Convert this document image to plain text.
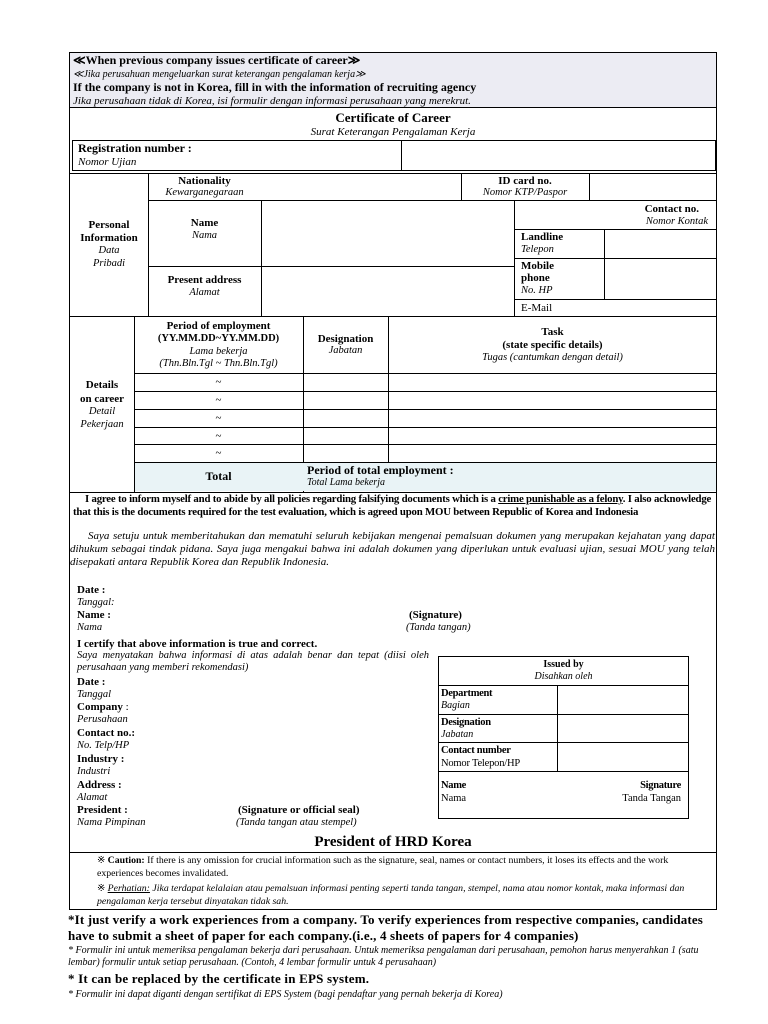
≪When previous company issues certificate of career≫
≪Jika perusahuan mengeluarkan surat keterangan pengalaman kerja≫
If the company is not in Korea, fill in with the information of recruiting agency
Jika perusahaan tidak di Korea, isi formulir dengan informasi perusahaan yang merekrut.
Certificate of Career
Surat Keterangan Pengalaman Kerja
Registration number :
Nomor Ujian
Personal
Information
Data
Pribadi
Nationality
Kewarganegaraan
ID card no.
Nomor KTP/Paspor
Contact no.
Nomor Kontak
Name
Nama	Landline
Telepon
Present address
Alamat
Mobile
phone
No. HP
E-Mail
Details
on career
Detail
Pekerjaan
Period of employment
(YY.MM.DD~YY.MM.DD)
Lama bekerja
(Thn.Bln.Tgl ~ Thn.Bln.Tgl)
Designation
Jabatan
Task
(state specific details)
Tugas (cantumkan dengan detail)
~
~
~
~
~
Total	Period of total employment :
Total Lama bekerja
I agree to inform myself and to abide by all policies regarding falsifying documents which is a crime punishable as a felony. I also acknowledge that this is the documents required for the test evaluation, which is agreed upon MOU between Republic of Korea and Indonesia
Saya setuju untuk memberitahukan dan mematuhi seluruh kebijakan mengenai pemalsuan dokumen yang merupakan kejahatan yang dapat dihukum sebagai tindak pidana. Saya juga mengakui bahwa ini adalah dokumen yang diperlukan untuk evaluasi ujian, sesuai MOU yang telah disepakati antara Republik Korea dan Republik Indonesia.
Date :
Tanggal:
Name :
Nama
(Signature)
(Tanda tangan)
I certify that above information is true and correct.
Saya menyatakan bahwa informasi di atas adalah benar dan tepat (diisi oleh perusahaan yang memberi rekomendasi)
Date :
Tanggal
Company :
Perusahaan
Contact no.:
No. Telp/HP
Industry :
Industri
Address :
Alamat
President :
Nama Pimpinan
(Signature or official seal)
(Tanda tangan atau stempel)
Issued by
Disahkan oleh
Department
Bagian
Designation
Jabatan
Contact number
Nomor Telepon/HP
Name
Nama
Signature
Tanda Tangan
President of HRD Korea
※ Caution: If there is any omission for crucial information such as the signature, seal, names or contact numbers, it loses its effects and the work experiences becomes invalidated.
※ Perhatian: Jika terdapat kelalaian atau pemalsuan informasi penting seperti tanda tangan, stempel, nama atau nomor kontak, maka informasi dan pengalaman kerja tersebut dinyatakan tidak sah.
*It just verify a work experiences from a company. To verify experiences from respective companies, candidates have to submit a sheet of paper for each company.(i.e., 4 sheets of papers for 4 companies)
* Formulir ini untuk memeriksa pengalaman bekerja dari perusahaan. Untuk memeriksa pengalaman dari perusahaan, pemohon harus menyerahkan 1 (satu lembar) formulir untuk setiap perusahaan. (Contoh, 4 lembar formulir untuk 4 perusahaan)
* It can be replaced by the certificate in EPS system.
* Formulir ini dapat diganti dengan sertifikat di EPS System (bagi pendaftar yang pernah bekerja di Korea)
